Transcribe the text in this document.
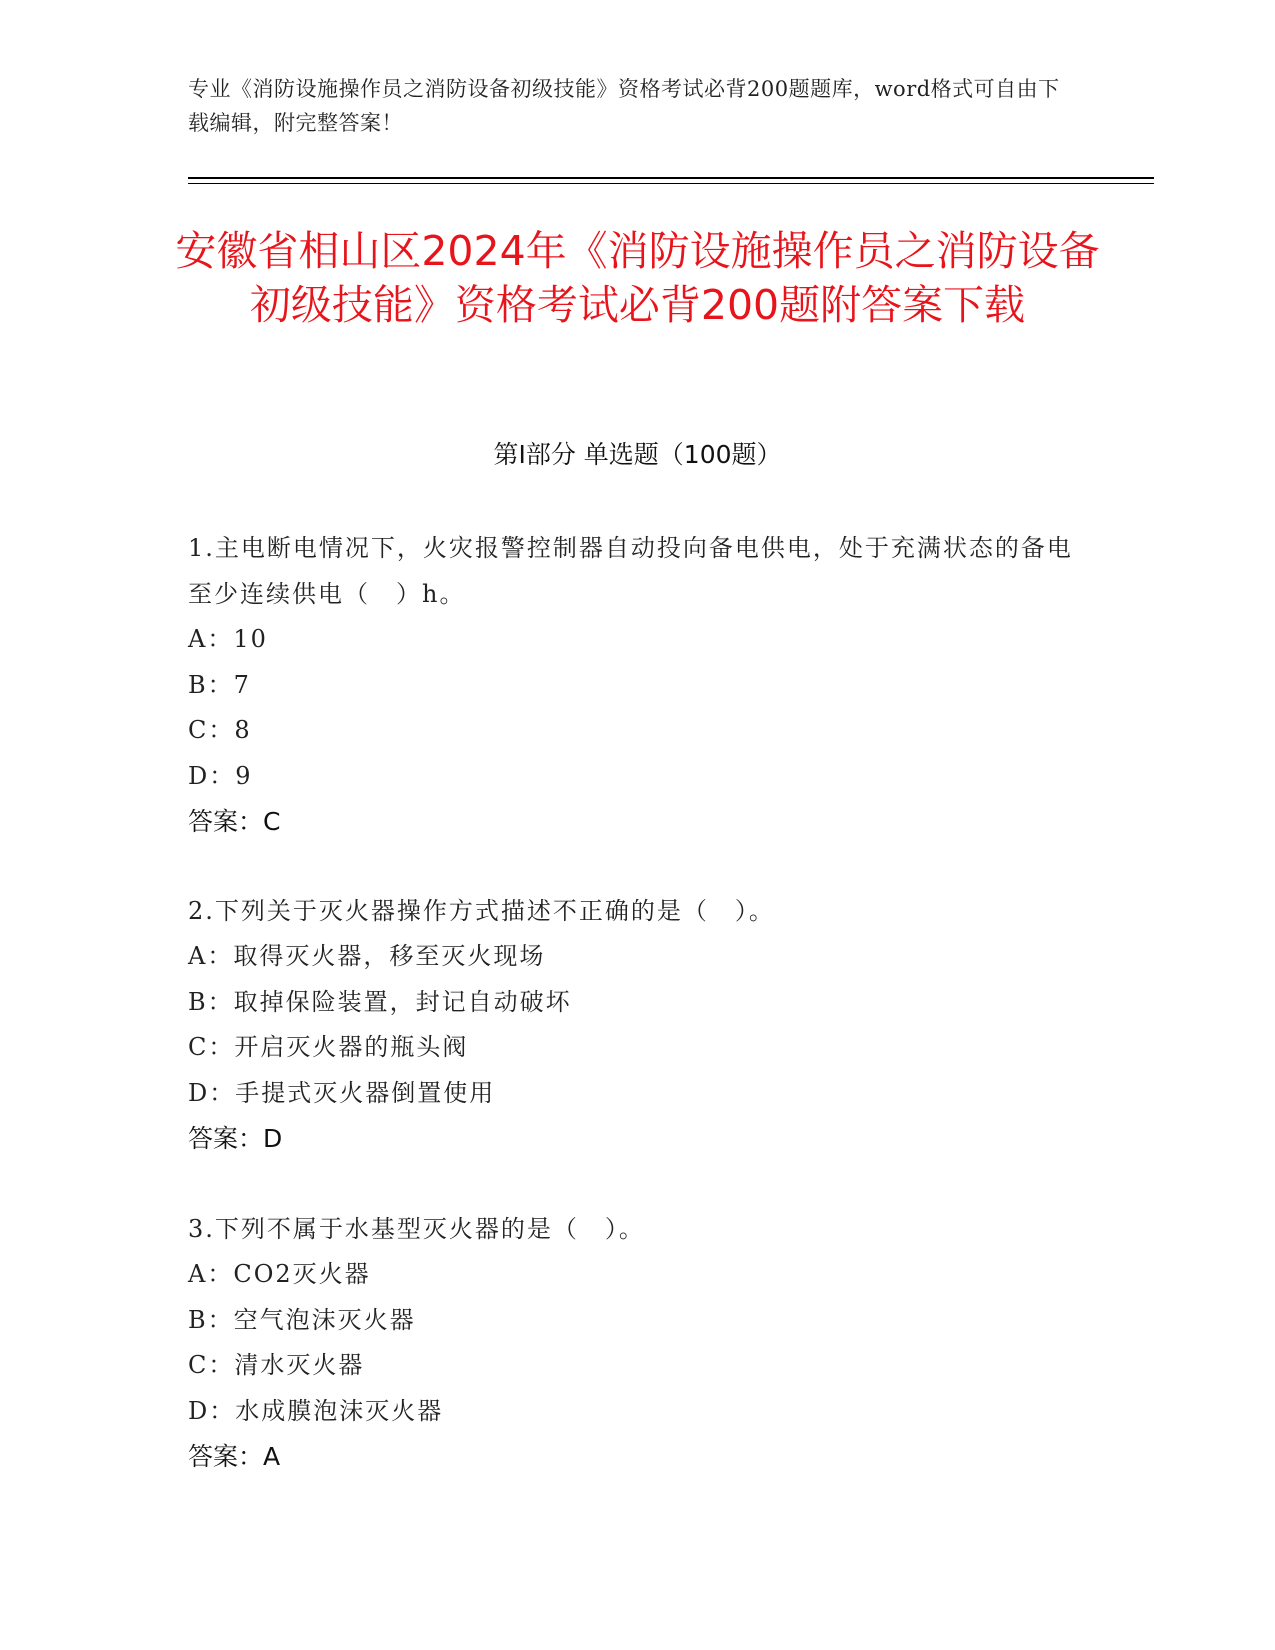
专业《消防设施操作员之消防设备初级技能》资格考试必背200题题库，word格式可自由下载编辑，附完整答案！
安徽省相山区2024年《消防设施操作员之消防设备初级技能》资格考试必背200题附答案下载
第I部分 单选题（100题）
1.主电断电情况下，火灾报警控制器自动投向备电供电，处于充满状态的备电至少连续供电（　）h。
A：10
B：7
C：8
D：9
答案：C
2.下列关于灭火器操作方式描述不正确的是（　）。
A：取得灭火器，移至灭火现场
B：取掉保险装置，封记自动破坏
C：开启灭火器的瓶头阀
D：手提式灭火器倒置使用
答案：D
3.下列不属于水基型灭火器的是（　）。
A：CO2灭火器
B：空气泡沫灭火器
C：清水灭火器
D：水成膜泡沫灭火器
答案：A
